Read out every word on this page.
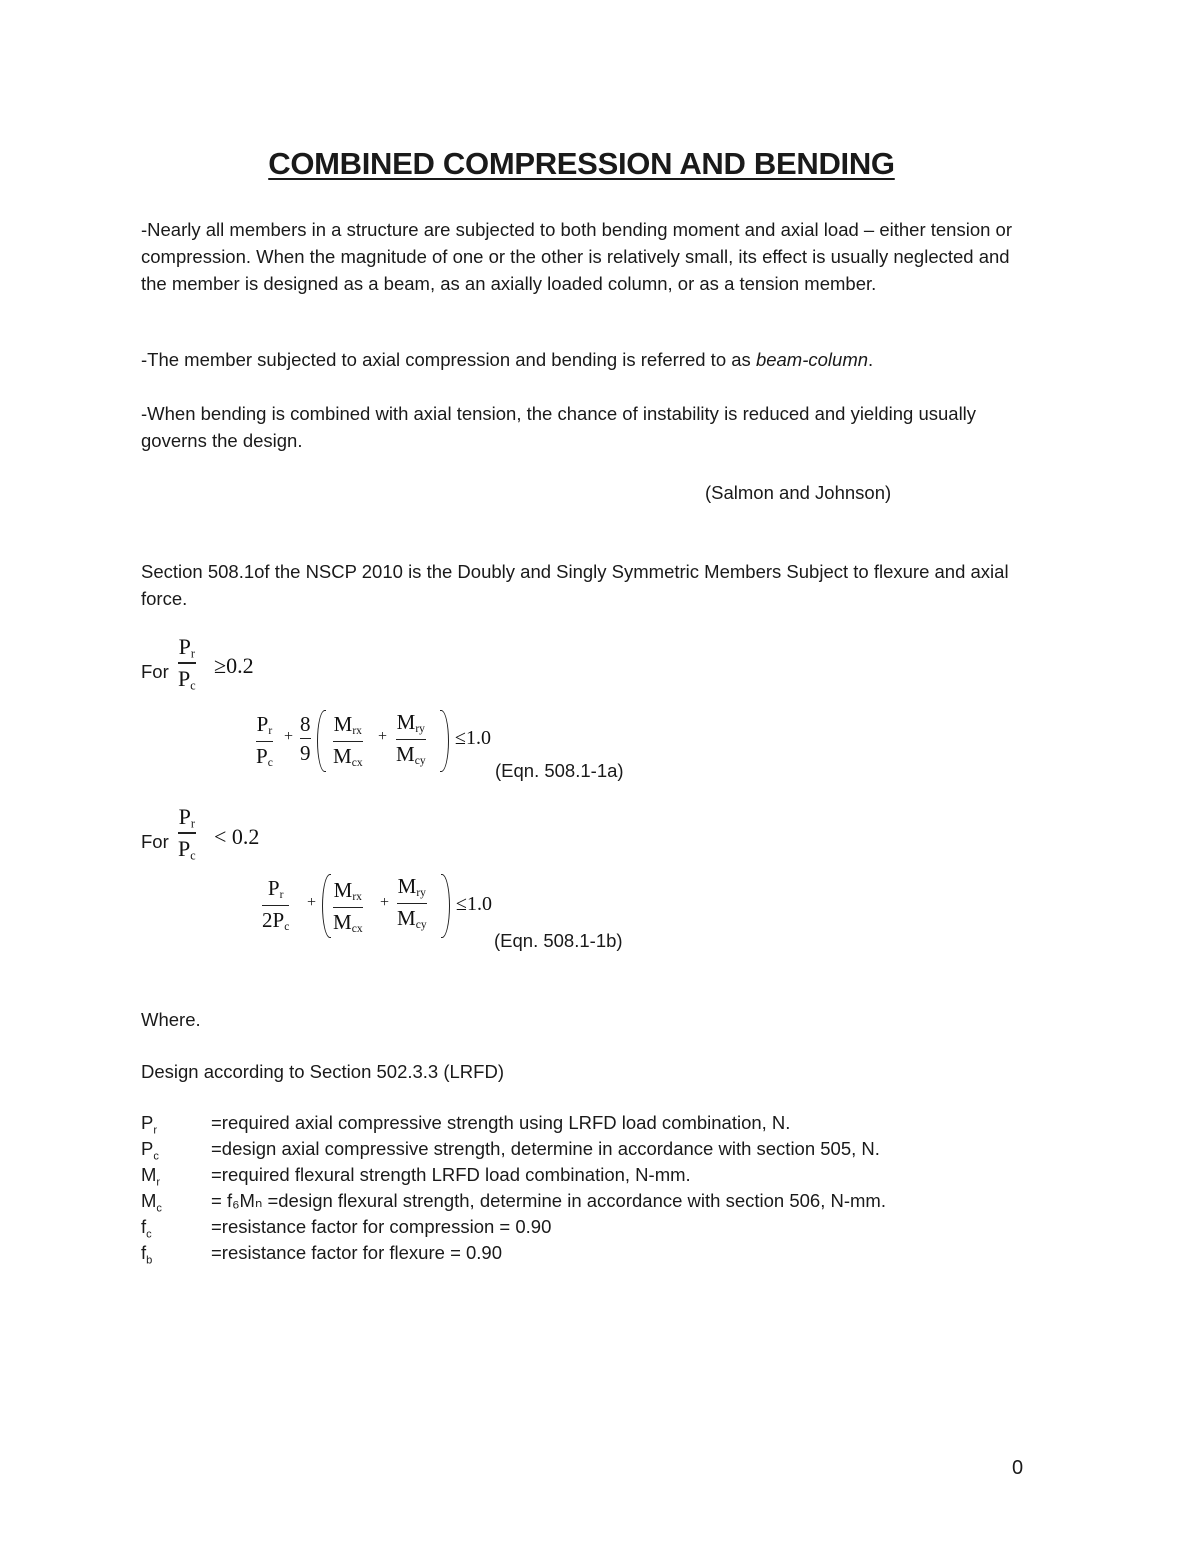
COMBINED COMPRESSION AND BENDING

-Nearly all members in a structure are subjected to both bending moment and axial load – either tension or compression. When the magnitude of one or the other is relatively small, its effect is usually neglected and the member is designed as a beam, as an axially loaded column, or as a tension member.

-The member subjected to axial compression and bending is referred to as beam-column.

-When bending is combined with axial tension, the chance of instability is reduced and yielding usually governs the design.

(Salmon and Johnson)

Section 508.1of the NSCP 2010 is the Doubly and Singly Symmetric Members Subject to flexure and axial force.

For
$P_r$
$P_c$
≥0.2
$P_r$
$P_c$
+
8
9
$M_{rx}$
$M_{cx}$
+
$M_{ry}$
$M_{cy}$
≤1.0
(Eqn. 508.1-1a)
For
$P_r$
$P_c$
< 0.2
$P_r$
$2P_c$
+
$M_{rx}$
$M_{cx}$
+
$M_{ry}$
$M_{cy}$
≤1.0
(Eqn. 508.1-1b)
Where.
Design according to Section 502.3.3 (LRFD)
$P_r$	=required axial compressive strength using LRFD load combination, N.
$P_c$	=design axial compressive strength, determine in accordance with section 505, N.
$M_r$	=required flexural strength LRFD load combination, N-mm.
$M_c$	= f₆Mₙ =design flexural strength, determine in accordance with section 506, N-mm.
$f_c$	=resistance factor for compression = 0.90
$f_b$	=resistance factor for flexure = 0.90
0
